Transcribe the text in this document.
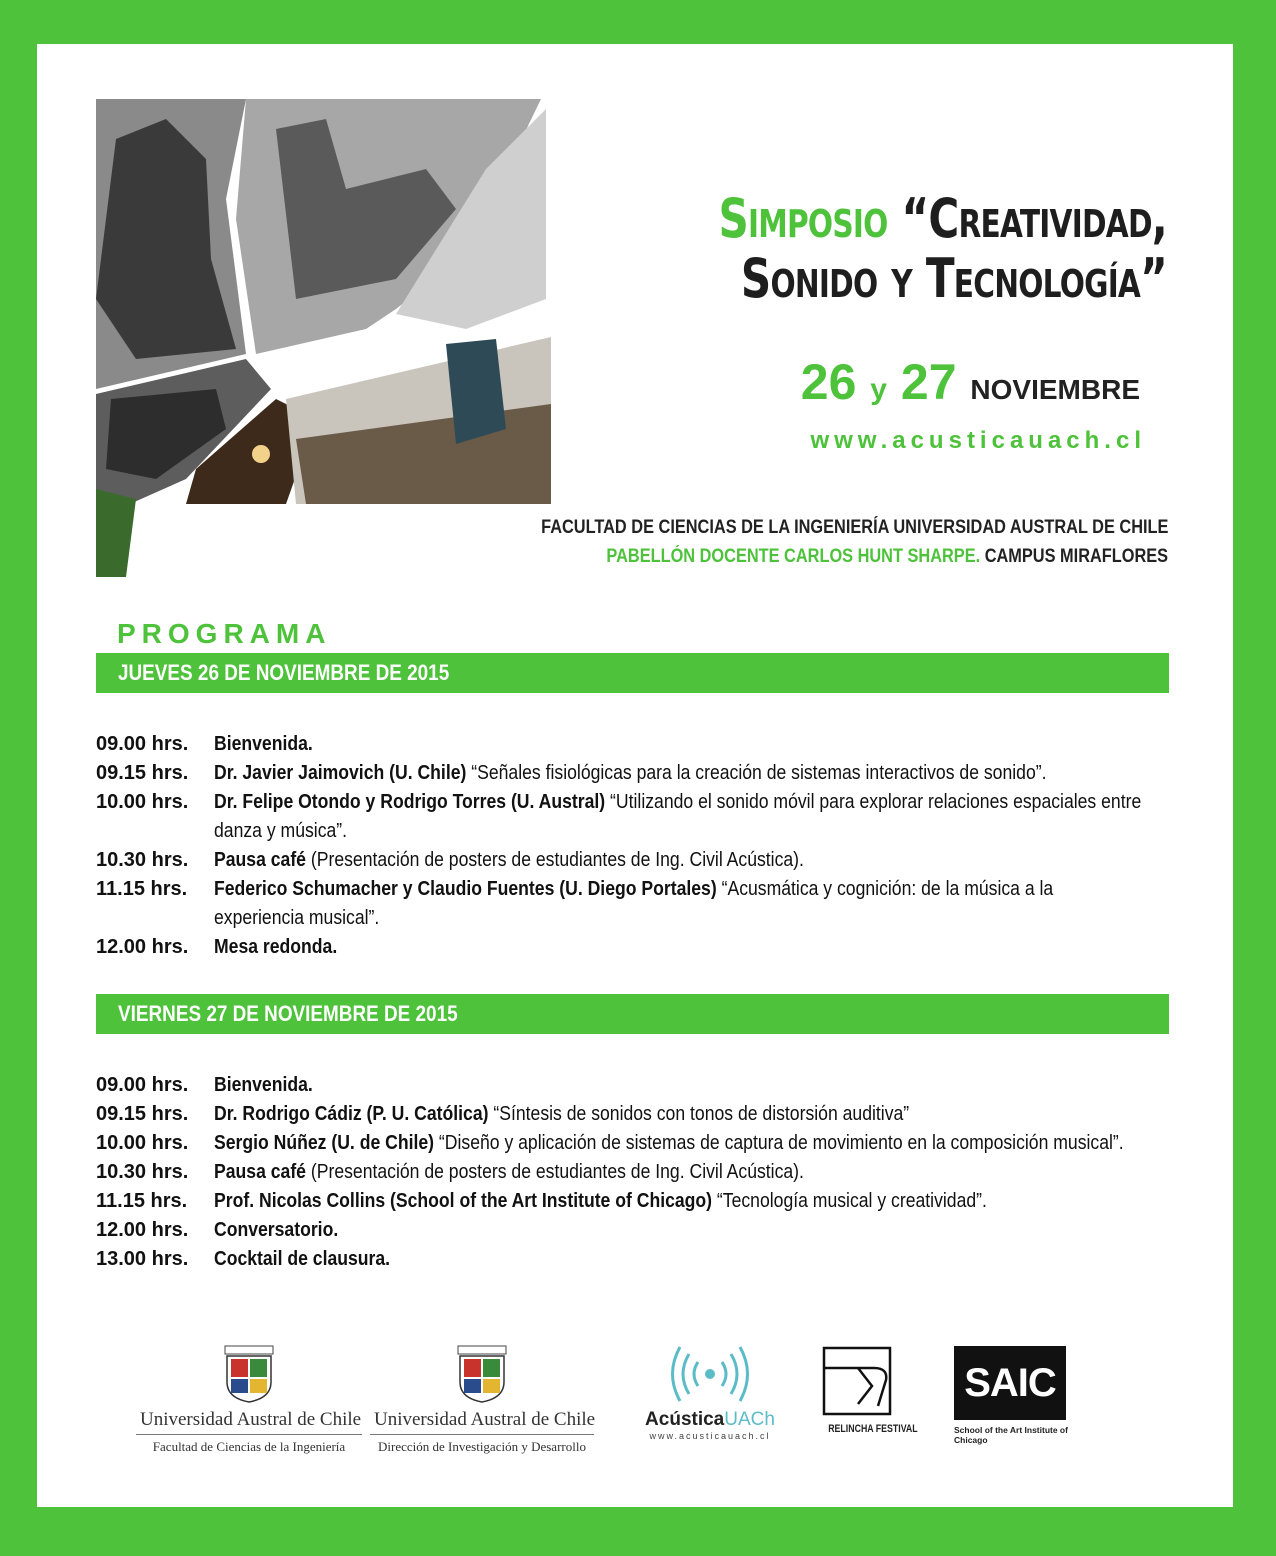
Simposio “Creatividad,
Sonido y Tecnología”
26 y 27 NOVIEMBRE
www.acusticauach.cl
FACULTAD DE CIENCIAS DE LA INGENIERÍA UNIVERSIDAD AUSTRAL DE CHILE
PABELLÓN DOCENTE CARLOS HUNT SHARPE. CAMPUS MIRAFLORES
PROGRAMA
JUEVES 26 DE NOVIEMBRE DE 2015
09.00 hrs.	Bienvenida.
09.15 hrs.	Dr. Javier Jaimovich (U. Chile) “Señales fisiológicas para la creación de sistemas interactivos de sonido”.
10.00 hrs.	Dr. Felipe Otondo y Rodrigo Torres (U. Austral) “Utilizando el sonido móvil para explorar relaciones espaciales entre danza y música”.
10.30 hrs.	Pausa café (Presentación de posters de estudiantes de Ing. Civil Acústica).
11.15 hrs.	Federico Schumacher y Claudio Fuentes (U. Diego Portales) “Acusmática y cognición: de la música a la experiencia musical”.
12.00 hrs.	Mesa redonda.
VIERNES 27 DE NOVIEMBRE DE 2015
09.00 hrs.	Bienvenida.
09.15 hrs.	Dr. Rodrigo Cádiz (P. U. Católica) “Síntesis de sonidos con tonos de distorsión auditiva”
10.00 hrs.	Sergio Núñez (U. de Chile) “Diseño y aplicación de sistemas de captura de movimiento en la composición musical”.
10.30 hrs.	Pausa café (Presentación de posters de estudiantes de Ing. Civil Acústica).
11.15 hrs.	Prof. Nicolas Collins (School of the Art Institute of Chicago) “Tecnología musical y creatividad”.
12.00 hrs.	Conversatorio.
13.00 hrs.	Cocktail de clausura.
Universidad Austral de Chile
Facultad de Ciencias de la Ingeniería
Universidad Austral de Chile
Dirección de Investigación y Desarrollo
AcústicaUACh
www.acusticauach.cl
RELINCHA FESTIVAL
SAIC
School of the Art Institute of Chicago
